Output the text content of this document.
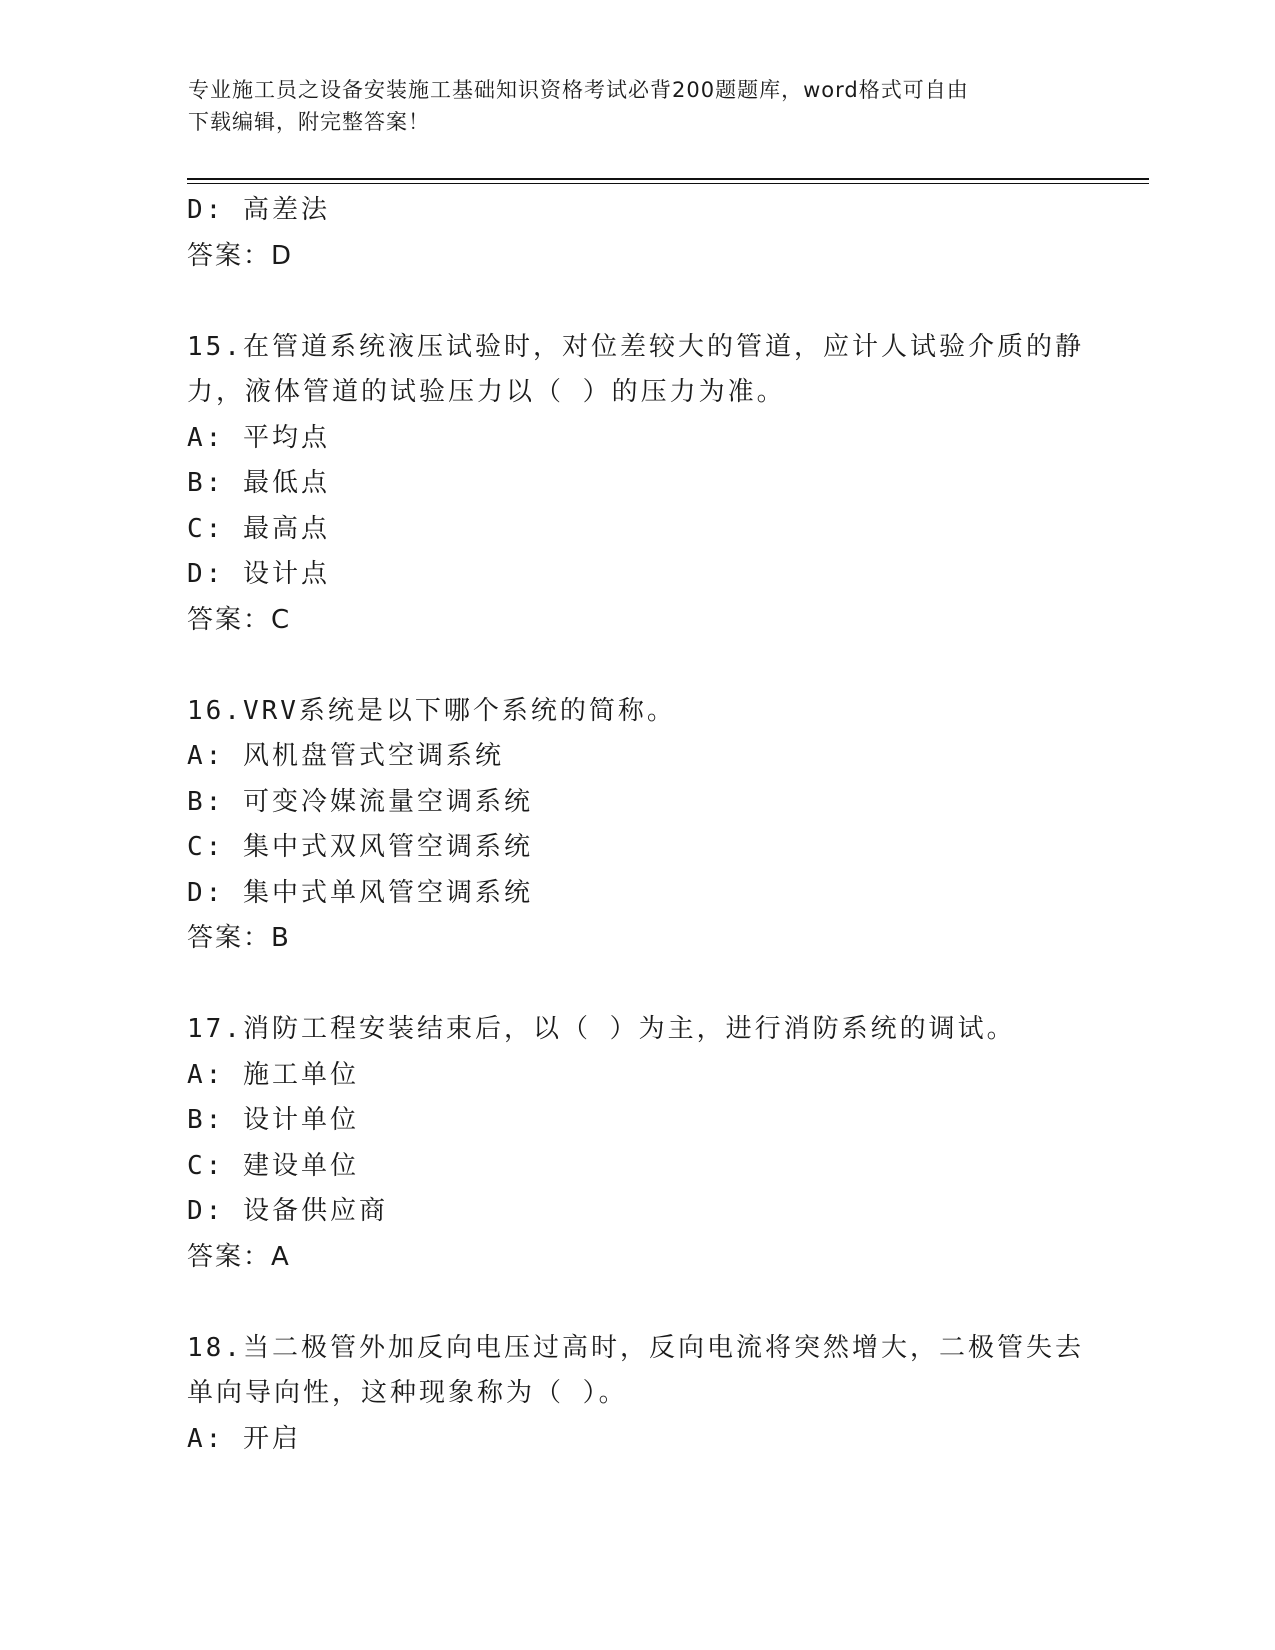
专业施工员之设备安装施工基础知识资格考试必背200题题库，word格式可自由
下载编辑，附完整答案！
D: 高差法
答案：D
15.在管道系统液压试验时，对位差较大的管道，应计人试验介质的静
力，液体管道的试验压力以（ ）的压力为准。
A: 平均点
B: 最低点
C: 最高点
D: 设计点
答案：C
16.VRV系统是以下哪个系统的简称。
A: 风机盘管式空调系统
B: 可变冷媒流量空调系统
C: 集中式双风管空调系统
D: 集中式单风管空调系统
答案：B
17.消防工程安装结束后，以（ ）为主，进行消防系统的调试。
A: 施工单位
B: 设计单位
C: 建设单位
D: 设备供应商
答案：A
18.当二极管外加反向电压过高时，反向电流将突然增大，二极管失去
单向导向性，这种现象称为（ ）。
A: 开启
